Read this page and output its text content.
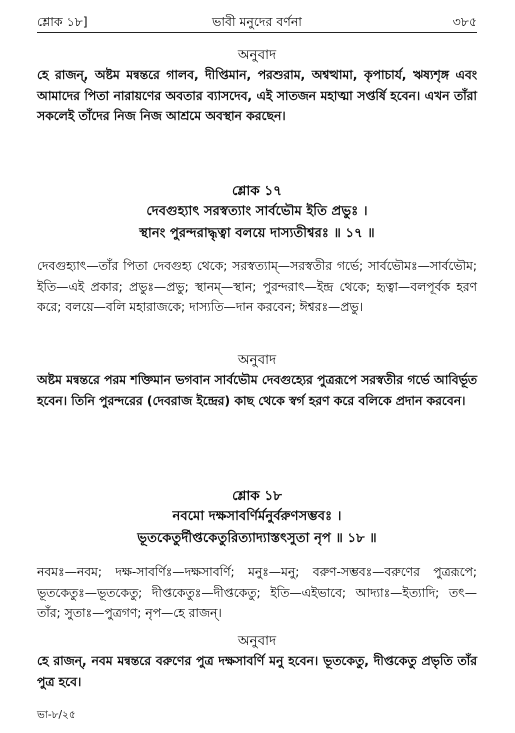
শ্লোক ১৮]	ভাবী মনুদের বর্ণনা	৩৮৫
অনুবাদ

হে রাজন্, অষ্টম মন্বন্তরে গালব, দীপ্তিমান, পরশুরাম, অশ্বত্থামা, কৃপাচার্য, ঋষ্যশৃঙ্গ এবং আমাদের পিতা নারায়ণের অবতার ব্যাসদেব, এই সাতজন মহাত্মা সপ্তর্ষি হবেন। এখন তাঁরা সকলেই তাঁদের নিজ নিজ আশ্রমে অবস্থান করছেন।

শ্লোক ১৭
দেবগুহ্যাৎ সরস্বত্যাং সার্বভৌম ইতি প্রভুঃ ।
স্থানং পুরন্দরাদ্ধৃত্বা বলয়ে দাস্যতীশ্বরঃ ॥ ১৭ ॥

দেবগুহ্যাৎ—তাঁর পিতা দেবগুহ্য থেকে; সরস্বত্যাম্—সরস্বতীর গর্ভে; সার্বভৌমঃ—সার্বভৌম; ইতি—এই প্রকার; প্রভুঃ—প্রভু; স্থানম্—স্থান; পুরন্দরাৎ—ইন্দ্র থেকে; হৃত্বা—বলপূর্বক হরণ করে; বলয়ে—বলি মহারাজকে; দাস্যতি—দান করবেন; ঈশ্বরঃ—প্রভু।

অনুবাদ

অষ্টম মন্বন্তরে পরম শক্তিমান ভগবান সার্বভৌম দেবগুহ্যের পুত্ররূপে সরস্বতীর গর্ভে আবির্ভূত হবেন। তিনি পুরন্দরের (দেবরাজ ইন্দ্রের) কাছ থেকে স্বর্গ হরণ করে বলিকে প্রদান করবেন।

শ্লোক ১৮
নবমো দক্ষসাবর্ণির্মনুর্বরুণসম্ভবঃ ।
ভূতকেতুর্দীপ্তকেতুরিত্যাদ্যাস্তৎসুতা নৃপ ॥ ১৮ ॥

নবমঃ—নবম; দক্ষ-সাবর্ণিঃ—দক্ষসাবর্ণি; মনুঃ—মনু; বরুণ-সম্ভবঃ—বরুণের পুত্ররূপে; ভূতকেতুঃ—ভূতকেতু; দীপ্তকেতুঃ—দীপ্তকেতু; ইতি—এইভাবে; আদ্যাঃ—ইত্যাদি; তৎ—তাঁর; সুতাঃ—পুত্রগণ; নৃপ—হে রাজন্।

অনুবাদ

হে রাজন্, নবম মন্বন্তরে বরুণের পুত্র দক্ষসাবর্ণি মনু হবেন। ভূতকেতু, দীপ্তকেতু প্রভৃতি তাঁর পুত্র হবে।

ভা-৮/২৫
